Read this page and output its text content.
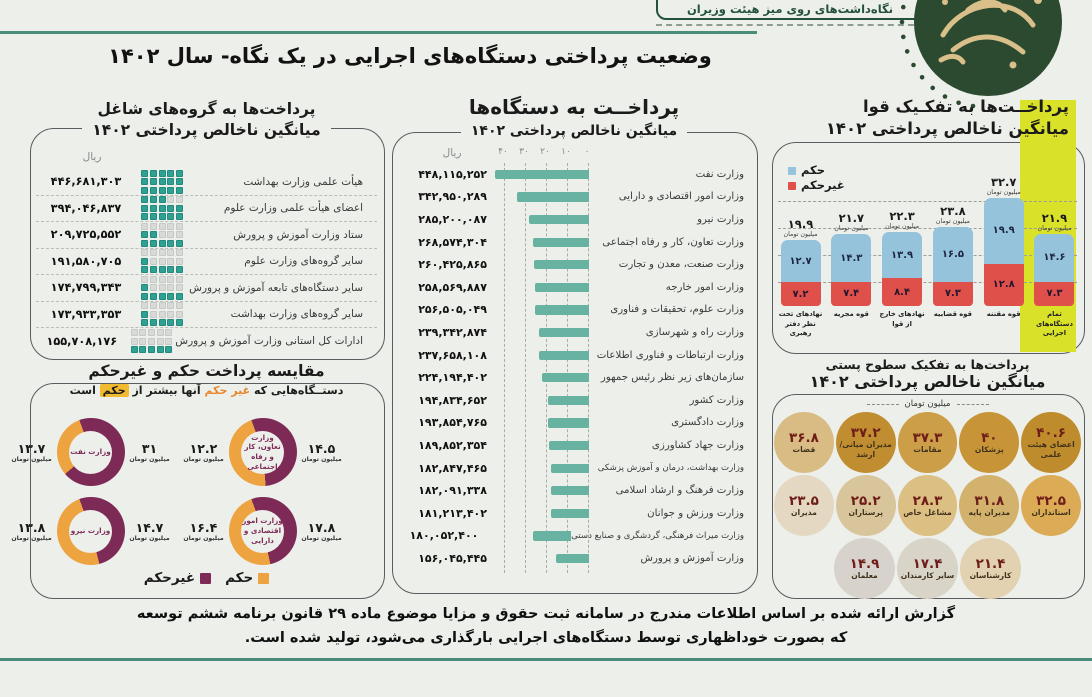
نگاه‌داشت‌های روی میز هیئت وزیران
وضعیت پرداختی دستگاه‌های اجرایی در یک نگاه- سال ۱۴۰۲
پرداخــت‌ها به تفکـیک قوا
میانگین ناخالص پرداختی ۱۴۰۲
حکم
غیرحکم
۱۹.۹
میلیون تومان
۱۲.۷
۷.۲
نهادهای تحت نظر دفتر رهبری
۲۱.۷
میلیون تومان
۱۴.۳
۷.۴
قوه مجریه
۲۲.۳
میلیون تومان
۱۳.۹
۸.۴
نهادهای خارج از قوا
۲۳.۸
میلیون تومان
۱۶.۵
۷.۳
قوه قضاییه
۳۲.۷
میلیون تومان
۱۹.۹
۱۲.۸
قوه مقننه
۲۱.۹
میلیون تومان
۱۴.۶
۷.۳
تمام دستگاه‌های اجرایی
پرداخــت به دستگاه‌ها
میانگین ناخالص پرداختی ۱۴۰۲
ریال	۴۰ ۳۰ ۲۰ ۱۰	۰
۴۴۸,۱۱۵,۲۵۲	وزارت نفت
۳۴۲,۹۵۰,۲۸۹	وزارت امور اقتصادی و دارایی
۲۸۵,۲۰۰,۰۸۷	وزارت نیرو
۲۶۸,۵۷۴,۳۰۴	وزارت تعاون، کار و رفاه اجتماعی
۲۶۰,۴۲۵,۸۶۵	وزارت صنعت، معدن و تجارت
۲۵۸,۵۶۹,۸۸۷	وزارت امور خارجه
۲۵۶,۵۰۵,۰۴۹	وزارت علوم، تحقیقات و فناوری
۲۳۹,۳۴۲,۸۷۴	وزارت راه و شهرسازی
۲۳۷,۶۵۸,۱۰۸	وزارت ارتباطات و فناوری اطلاعات
۲۲۴,۱۹۴,۴۰۲	سازمان‌های زیر نظر رئیس جمهور
۱۹۴,۸۳۴,۶۵۲	وزارت کشور
۱۹۳,۸۵۴,۷۶۵	وزارت دادگستری
۱۸۹,۸۵۲,۳۵۴	وزارت جهاد کشاورزی
۱۸۲,۸۴۷,۴۶۵	وزارت بهداشت، درمان و آموزش پزشکی
۱۸۲,۰۹۱,۳۳۸	وزارت فرهنگ و ارشاد اسلامی
۱۸۱,۲۱۳,۴۰۲	وزارت ورزش و جوانان
۱۸۰,۰۵۲,۴۰۰	وزارت میراث فرهنگی، گردشگری و صنایع دستی
۱۵۶,۰۴۵,۴۴۵	وزارت آموزش و پرورش
پرداخت‌ها به گروه‌های شاغل
میانگین ناخالص پرداختی ۱۴۰۲
ریال
۴۴۶,۶۸۱,۳۰۳	هیأت علمی وزارت بهداشت
۳۹۴,۰۴۶,۸۳۷	اعضای هیأت علمی وزارت علوم
۲۰۹,۷۲۵,۵۵۲	ستاد وزارت آموزش و پرورش
۱۹۱,۵۸۰,۷۰۵	سایر گروه‌های وزارت علوم
۱۷۴,۷۹۹,۳۴۳	سایر دستگاه‌های تابعه آموزش و پرورش
۱۷۳,۹۳۳,۳۵۳	سایر گروه‌های وزارت بهداشت
۱۵۵,۷۰۸,۱۷۶	ادارات کل استانی وزارت آموزش و پرورش
مقایسه پرداخت حکم و غیرحکم
دستــگاه‌هایی که غیر حکم آنها بیشتر از حکم است
۱۲.۲
میلیون تومان
وزارت تعاون، کار و رفاه اجتماعی
۱۴.۵
میلیون تومان
۱۳.۷
میلیون تومان
وزارت نفت	۳۱
میلیون تومان
۱۶.۴
میلیون تومان
وزارت امور اقتصادی و دارایی
۱۷.۸
میلیون تومان
۱۳.۸
میلیون تومان
وزارت نیرو	۱۴.۷
میلیون تومان
غیرحکم حکم
پرداخت‌ها به تفکیک سطوح پستی
میانگین ناخالص پرداختی ۱۴۰۲
میلیون تومان
۴۰.۶
اعضای هیئت علمی
۴۰
پزشکان
۳۷.۳
مقامات
۳۷.۲
مدیران میانی/ارشد
۳۶.۸
قضات
۳۲.۵
استانداران
۳۱.۸
مدیران پایه
۲۸.۳
مشاغل خاص
۲۵.۲
پرستاران
۲۳.۵
مدیران
۲۱.۴
کارشناسان
۱۷.۴
سایر کارمندان
۱۴.۹
معلمان
گزارش ارائه شده بر اساس اطلاعات مندرج در سامانه ثبت حقوق و مزایا موضوع ماده ۲۹ قانون برنامه ششم توسعه
که بصورت خوداظهاری توسط دستگاه‌های اجرایی بارگذاری می‌شود، تولید شده است.
